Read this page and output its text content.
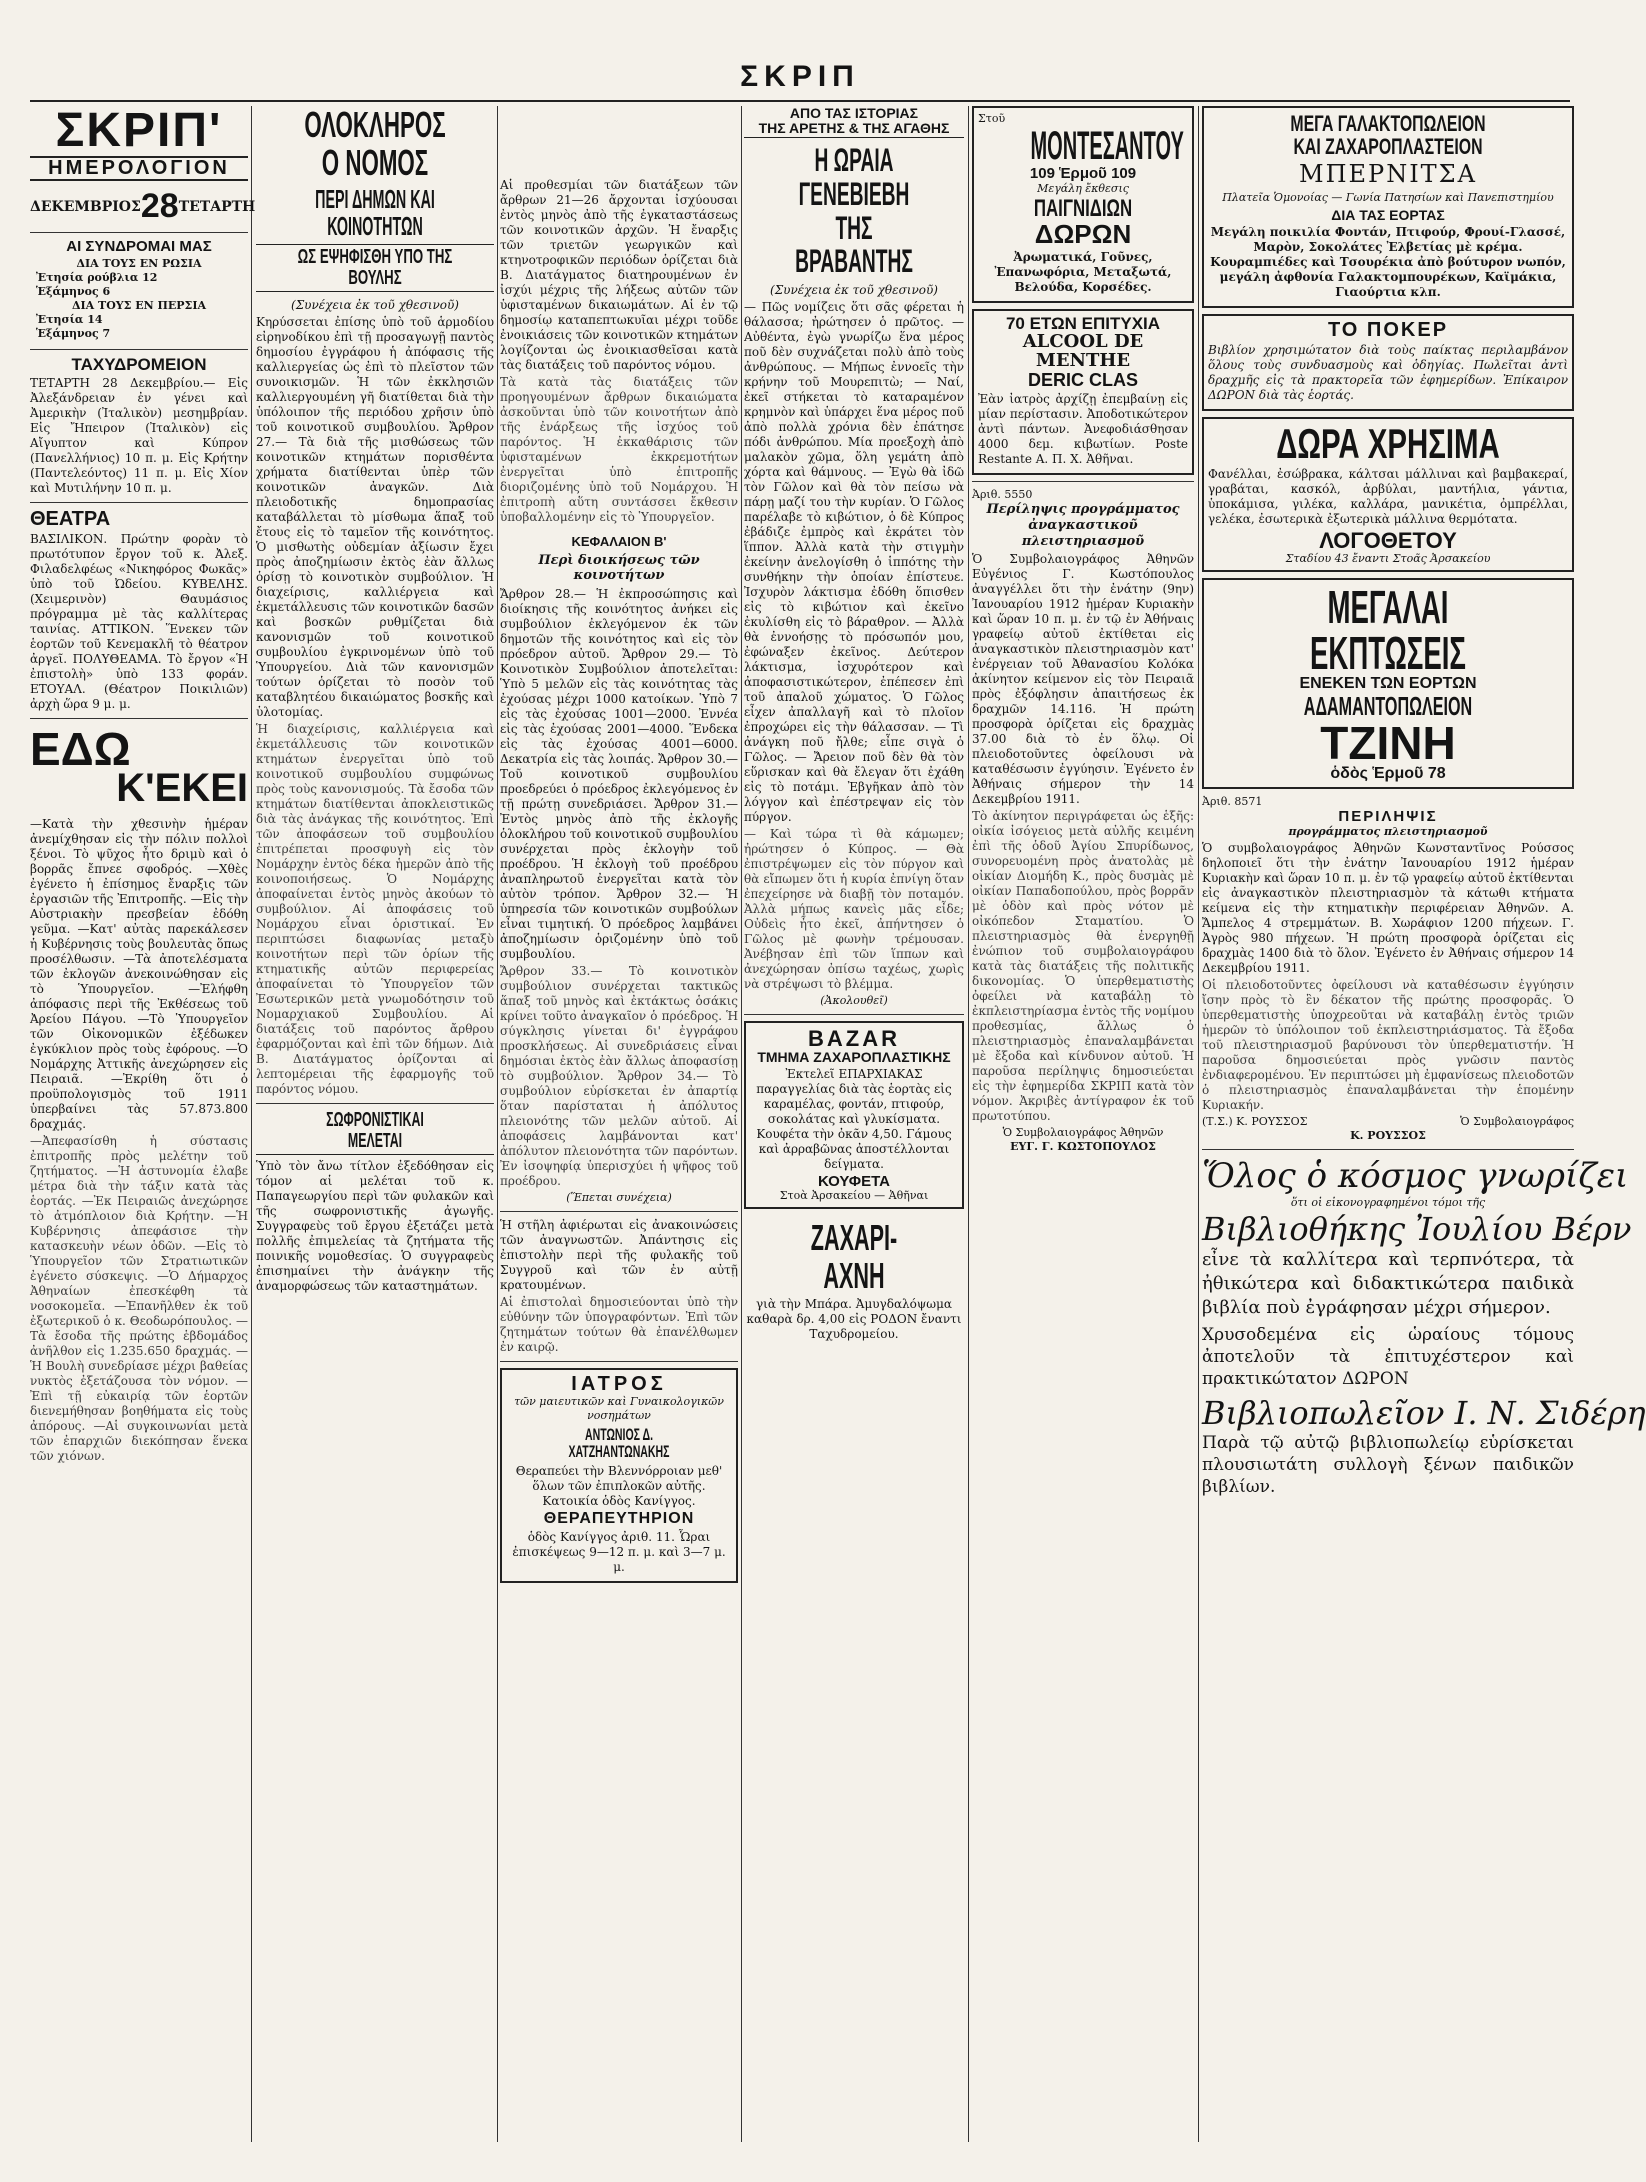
ΣΚΡΙΠ
ΣΚΡΙΠ'
ΗΜΕΡΟΛΟΓΙΟΝ
ΔΕΚΕΜΒΡΙΟΣ 28 ΤΕΤΑΡΤΗ
ΑΙ ΣΥΝΔΡΟΜΑΙ ΜΑΣ
ΔΙΑ ΤΟΥΣ ΕΝ ΡΩΣΙΑ
Ἐτησία ρούβλια 12
Ἑξάμηνος 6
ΔΙΑ ΤΟΥΣ ΕΝ ΠΕΡΣΙΑ
Ἐτησία 14
Ἑξάμηνος 7
ΤΑΧΥΔΡΟΜΕΙΟΝ
ΤΕΤΑΡΤΗ 28 Δεκεμβρίου.— Εἰς Ἀλεξάνδρειαν ἐν γένει καὶ Ἀμερικὴν (Ἰταλικὸν) μεσημβρίαν. Εἰς Ἤπειρον (Ἰταλικὸν) εἰς Αἴγυπτον καὶ Κύπρον (Πανελλήνιος) 10 π. μ. Εἰς Κρήτην (Παντελεόντος) 11 π. μ. Εἰς Χίον καὶ Μυτιλήνην 10 π. μ.
ΘΕΑΤΡΑ
ΒΑΣΙΛΙΚΟΝ. Πρώτην φορὰν τὸ πρωτότυπον ἔργον τοῦ κ. Ἀλεξ. Φιλαδελφέως «Νικηφόρος Φωκᾶς» ὑπὸ τοῦ Ὠδείου. ΚΥΒΕΛΗΣ. (Χειμερινὸν) Θαυμάσιος πρόγραμμα μὲ τὰς καλλίτερας ταινίας. ΑΤΤΙΚΟΝ. Ἕνεκεν τῶν ἑορτῶν τοῦ Κενεμακλῆ τὸ θέατρον ἀργεῖ. ΠΟΛΥΘΕΑΜΑ. Τὸ ἔργον «Ἡ ἐπιστολὴ» ὑπὸ 133 φοράν. ΕΤΟΥΑΛ. (Θέατρον Ποικιλιῶν) ἀρχὴ ὥρα 9 μ. μ.
ΕΔΩ
Κ'ΕΚΕΙ
—Κατὰ τὴν χθεσινὴν ἡμέραν ἀνεμίχθησαν εἰς τὴν πόλιν πολλοὶ ξένοι. Τὸ ψῦχος ἦτο δριμὺ καὶ ὁ βορρᾶς ἔπνεε σφοδρός. —Χθὲς ἐγένετο ἡ ἐπίσημος ἔναρξις τῶν ἐργασιῶν τῆς Ἐπιτροπῆς. —Εἰς τὴν Αὐστριακὴν πρεσβείαν ἐδόθη γεῦμα. —Κατ' αὐτὰς παρεκάλεσεν ἡ Κυβέρνησις τοὺς βουλευτὰς ὅπως προσέλθωσιν. —Τὰ ἀποτελέσματα τῶν ἐκλογῶν ἀνεκοινώθησαν εἰς τὸ Ὑπουργεῖον. —Ἐλήφθη ἀπόφασις περὶ τῆς Ἐκθέσεως τοῦ Ἀρείου Πάγου. —Τὸ Ὑπουργεῖον τῶν Οἰκονομικῶν ἐξέδωκεν ἐγκύκλιον πρὸς τοὺς ἐφόρους. —Ὁ Νομάρχης Ἀττικῆς ἀνεχώρησεν εἰς Πειραιᾶ. —Ἐκρίθη ὅτι ὁ προϋπολογισμὸς τοῦ 1911 ὑπερβαίνει τὰς 57.873.800 δραχμάς.
—Ἀπεφασίσθη ἡ σύστασις ἐπιτροπῆς πρὸς μελέτην τοῦ ζητήματος. —Ἡ ἀστυνομία ἐλαβε μέτρα διὰ τὴν τάξιν κατὰ τὰς ἑορτάς. —Ἐκ Πειραιῶς ἀνεχώρησε τὸ ἀτμόπλοιον διὰ Κρήτην. —Ἡ Κυβέρνησις ἀπεφάσισε τὴν κατασκευὴν νέων ὁδῶν. —Εἰς τὸ Ὑπουργεῖον τῶν Στρατιωτικῶν ἐγένετο σύσκεψις. —Ὁ Δήμαρχος Ἀθηναίων ἐπεσκέφθη τὰ νοσοκομεῖα. —Ἐπανῆλθεν ἐκ τοῦ ἐξωτερικοῦ ὁ κ. Θεοδωρόπουλος. —Τὰ ἔσοδα τῆς πρώτης ἑβδομάδος ἀνῆλθον εἰς 1.235.650 δραχμάς. —Ἡ Βουλὴ συνεδρίασε μέχρι βαθείας νυκτὸς ἐξετάζουσα τὸν νόμον. —Ἐπὶ τῇ εὐκαιρίᾳ τῶν ἑορτῶν διενεμήθησαν βοηθήματα εἰς τοὺς ἀπόρους. —Αἱ συγκοινωνίαι μετὰ τῶν ἐπαρχιῶν διεκόπησαν ἕνεκα τῶν χιόνων.
ΟΛΟΚΛΗΡΟΣ Ο ΝΟΜΟΣ
ΠΕΡΙ ΔΗΜΩΝ ΚΑΙ ΚΟΙΝΟΤΗΤΩΝ
ΩΣ ΕΨΗΦΙΣΘΗ ΥΠΟ ΤΗΣ ΒΟΥΛΗΣ
(Συνέχεια ἐκ τοῦ χθεσινοῦ)
Κηρύσσεται ἐπίσης ὑπὸ τοῦ ἁρμοδίου εἰρηνοδίκου ἐπὶ τῇ προσαγωγῇ παντὸς δημοσίου ἐγγράφου ἡ ἀπόφασις τῆς καλλιεργείας ὡς ἐπὶ τὸ πλεῖστον τῶν συνοικισμῶν. Ἡ τῶν ἐκκλησιῶν καλλιεργουμένη γῆ διατίθεται διὰ τὴν ὑπόλοιπον τῆς περιόδου χρῆσιν ὑπὸ τοῦ κοινοτικοῦ συμβουλίου. Ἄρθρον 27.— Τὰ διὰ τῆς μισθώσεως τῶν κοινοτικῶν κτημάτων πορισθέντα χρήματα διατίθενται ὑπὲρ τῶν κοινοτικῶν ἀναγκῶν. Διὰ πλειοδοτικῆς δημοπρασίας καταβάλλεται τὸ μίσθωμα ἅπαξ τοῦ ἔτους εἰς τὸ ταμεῖον τῆς κοινότητος. Ὁ μισθωτὴς οὐδεμίαν ἀξίωσιν ἔχει πρὸς ἀποζημίωσιν ἐκτὸς ἐὰν ἄλλως ὁρίσῃ τὸ κοινοτικὸν συμβούλιον. Ἡ διαχείρισις, καλλιέργεια καὶ ἐκμετάλλευσις τῶν κοινοτικῶν δασῶν καὶ βοσκῶν ρυθμίζεται διὰ κανονισμῶν τοῦ κοινοτικοῦ συμβουλίου ἐγκρινομένων ὑπὸ τοῦ Ὑπουργείου. Διὰ τῶν κανονισμῶν τούτων ὁρίζεται τὸ ποσὸν τοῦ καταβλητέου δικαιώματος βοσκῆς καὶ ὑλοτομίας.
Ἡ διαχείρισις, καλλιέργεια καὶ ἐκμετάλλευσις τῶν κοινοτικῶν κτημάτων ἐνεργεῖται ὑπὸ τοῦ κοινοτικοῦ συμβουλίου συμφώνως πρὸς τοὺς κανονισμούς. Τὰ ἔσοδα τῶν κτημάτων διατίθενται ἀποκλειστικῶς διὰ τὰς ἀνάγκας τῆς κοινότητος. Ἐπὶ τῶν ἀποφάσεων τοῦ συμβουλίου ἐπιτρέπεται προσφυγὴ εἰς τὸν Νομάρχην ἐντὸς δέκα ἡμερῶν ἀπὸ τῆς κοινοποιήσεως. Ὁ Νομάρχης ἀποφαίνεται ἐντὸς μηνὸς ἀκούων τὸ συμβούλιον. Αἱ ἀποφάσεις τοῦ Νομάρχου εἶναι ὁριστικαί. Ἐν περιπτώσει διαφωνίας μεταξὺ κοινοτήτων περὶ τῶν ὁρίων τῆς κτηματικῆς αὐτῶν περιφερείας ἀποφαίνεται τὸ Ὑπουργεῖον τῶν Ἐσωτερικῶν μετὰ γνωμοδότησιν τοῦ Νομαρχιακοῦ Συμβουλίου. Αἱ διατάξεις τοῦ παρόντος ἄρθρου ἐφαρμόζονται καὶ ἐπὶ τῶν δήμων. Διὰ Β. Διατάγματος ὁρίζονται αἱ λεπτομέρειαι τῆς ἐφαρμογῆς τοῦ παρόντος νόμου.
ΣΩΦΡΟΝΙΣΤΙΚΑΙ ΜΕΛΕΤΑΙ
Ὑπὸ τὸν ἄνω τίτλον ἐξεδόθησαν εἰς τόμον αἱ μελέται τοῦ κ. Παπαγεωργίου περὶ τῶν φυλακῶν καὶ τῆς σωφρονιστικῆς ἀγωγῆς. Συγγραφεὺς τοῦ ἔργου ἐξετάζει μετὰ πολλῆς ἐπιμελείας τὰ ζητήματα τῆς ποινικῆς νομοθεσίας. Ὁ συγγραφεὺς ἐπισημαίνει τὴν ἀνάγκην τῆς ἀναμορφώσεως τῶν καταστημάτων.
Αἱ προθεσμίαι τῶν διατάξεων τῶν ἄρθρων 21—26 ἄρχονται ἰσχύουσαι ἐντὸς μηνὸς ἀπὸ τῆς ἐγκαταστάσεως τῶν κοινοτικῶν ἀρχῶν. Ἡ ἔναρξις τῶν τριετῶν γεωργικῶν καὶ κτηνοτροφικῶν περιόδων ὁρίζεται διὰ Β. Διατάγματος διατηρουμένων ἐν ἰσχύι μέχρις τῆς λήξεως αὐτῶν τῶν ὑφισταμένων δικαιωμάτων. Αἱ ἐν τῷ δημοσίῳ καταπεπτωκυῖαι μέχρι τοῦδε ἐνοικιάσεις τῶν κοινοτικῶν κτημάτων λογίζονται ὡς ἐνοικιασθεῖσαι κατὰ τὰς διατάξεις τοῦ παρόντος νόμου.
Τὰ κατὰ τὰς διατάξεις τῶν προηγουμένων ἄρθρων δικαιώματα ἀσκοῦνται ὑπὸ τῶν κοινοτήτων ἀπὸ τῆς ἐνάρξεως τῆς ἰσχύος τοῦ παρόντος. Ἡ ἐκκαθάρισις τῶν ὑφισταμένων ἐκκρεμοτήτων ἐνεργεῖται ὑπὸ ἐπιτροπῆς διοριζομένης ὑπὸ τοῦ Νομάρχου. Ἡ ἐπιτροπὴ αὕτη συντάσσει ἔκθεσιν ὑποβαλλομένην εἰς τὸ Ὑπουργεῖον.
ΚΕΦΑΛΑΙΟΝ Β'
Περὶ διοικήσεως τῶν κοινοτήτων
Ἄρθρον 28.— Ἡ ἐκπροσώπησις καὶ διοίκησις τῆς κοινότητος ἀνήκει εἰς συμβούλιον ἐκλεγόμενον ἐκ τῶν δημοτῶν τῆς κοινότητος καὶ εἰς τὸν πρόεδρον αὐτοῦ. Ἄρθρον 29.— Τὸ Κοινοτικὸν Συμβούλιον ἀποτελεῖται: Ὑπὸ 5 μελῶν εἰς τὰς κοινότητας τὰς ἐχούσας μέχρι 1000 κατοίκων. Ὑπὸ 7 εἰς τὰς ἐχούσας 1001—2000. Ἐννέα εἰς τὰς ἐχούσας 2001—4000. Ἕνδεκα εἰς τὰς ἐχούσας 4001—6000. Δεκατρία εἰς τὰς λοιπάς. Ἄρθρον 30.— Τοῦ κοινοτικοῦ συμβουλίου προεδρεύει ὁ πρόεδρος ἐκλεγόμενος ἐν τῇ πρώτῃ συνεδριάσει. Ἄρθρον 31.— Ἐντὸς μηνὸς ἀπὸ τῆς ἐκλογῆς ὁλοκλήρου τοῦ κοινοτικοῦ συμβουλίου συνέρχεται πρὸς ἐκλογὴν τοῦ προέδρου. Ἡ ἐκλογὴ τοῦ προέδρου ἀναπληρωτοῦ ἐνεργεῖται κατὰ τὸν αὐτὸν τρόπον. Ἄρθρον 32.— Ἡ ὑπηρεσία τῶν κοινοτικῶν συμβούλων εἶναι τιμητική. Ὁ πρόεδρος λαμβάνει ἀποζημίωσιν ὁριζομένην ὑπὸ τοῦ συμβουλίου.
Ἄρθρον 33.— Τὸ κοινοτικὸν συμβούλιον συνέρχεται τακτικῶς ἅπαξ τοῦ μηνὸς καὶ ἐκτάκτως ὁσάκις κρίνει τοῦτο ἀναγκαῖον ὁ πρόεδρος. Ἡ σύγκλησις γίνεται δι' ἐγγράφου προσκλήσεως. Αἱ συνεδριάσεις εἶναι δημόσιαι ἐκτὸς ἐὰν ἄλλως ἀποφασίσῃ τὸ συμβούλιον. Ἄρθρον 34.— Τὸ συμβούλιον εὑρίσκεται ἐν ἀπαρτίᾳ ὅταν παρίσταται ἡ ἀπόλυτος πλειονότης τῶν μελῶν αὐτοῦ. Αἱ ἀποφάσεις λαμβάνονται κατ' ἀπόλυτον πλειονότητα τῶν παρόντων. Ἐν ἰσοψηφίᾳ ὑπερισχύει ἡ ψῆφος τοῦ προέδρου.
(Ἕπεται συνέχεια)
Ἡ στῆλη ἀφιέρωται εἰς ἀνακοινώσεις τῶν ἀναγνωστῶν. Ἀπάντησις εἰς ἐπιστολὴν περὶ τῆς φυλακῆς τοῦ Συγγροῦ καὶ τῶν ἐν αὐτῇ κρατουμένων.
Αἱ ἐπιστολαὶ δημοσιεύονται ὑπὸ τὴν εὐθύνην τῶν ὑπογραφόντων. Ἐπὶ τῶν ζητημάτων τούτων θὰ ἐπανέλθωμεν ἐν καιρῷ.
ΙΑΤΡΟΣ
τῶν μαιευτικῶν καὶ Γυναικολογικῶν νοσημάτων
ΑΝΤΩΝΙΟΣ Δ. ΧΑΤΖΗΑΝΤΩΝΑΚΗΣ
Θεραπεύει τὴν Βλεννόρροιαν μεθ' ὅλων τῶν ἐπιπλοκῶν αὐτῆς. Κατοικία ὁδὸς Κανίγγος.
ΘΕΡΑΠΕΥΤΗΡΙΟΝ
ὁδὸς Κανίγγος ἀριθ. 11. Ὧραι ἐπισκέψεως 9—12 π. μ. καὶ 3—7 μ. μ.
ΑΠΟ ΤΑΣ ΙΣΤΟΡΙΑΣ
ΤΗΣ ΑΡΕΤΗΣ & ΤΗΣ ΑΓΑΘΗΣ
Η ΩΡΑΙΑ ΓΕΝΕΒΙΕΒΗ
ΤΗΣ ΒΡΑΒΑΝΤΗΣ
(Συνέχεια ἐκ τοῦ χθεσινοῦ)
— Πῶς νομίζεις ὅτι σᾶς φέρεται ἡ θάλασσα; ἠρώτησεν ὁ πρῶτος. — Αὐθέντα, ἐγὼ γνωρίζω ἕνα μέρος ποῦ δὲν συχνάζεται πολὺ ἀπὸ τοὺς ἀνθρώπους. — Μήπως ἐννοεῖς τὴν κρήνην τοῦ Μουρεπιτὼ; — Ναί, ἐκεῖ στήκεται τὸ καταραμένον κρημνὸν καὶ ὑπάρχει ἕνα μέρος ποῦ ἀπὸ πολλὰ χρόνια δὲν ἐπάτησε πόδι ἀνθρώπου. Μία προεξοχὴ ἀπὸ μαλακὸν χῶμα, ὅλη γεμάτη ἀπὸ χόρτα καὶ θάμνους. — Ἐγὼ θὰ ἰδῶ τὸν Γῶλον καὶ θὰ τὸν πείσω νὰ πάρῃ μαζί του τὴν κυρίαν. Ὁ Γῶλος παρέλαβε τὸ κιβώτιον, ὁ δὲ Κύπρος ἐβάδιζε ἐμπρὸς καὶ ἐκράτει τὸν ἵππον. Ἀλλὰ κατὰ τὴν στιγμὴν ἐκείνην ἀνελογίσθη ὁ ἱππότης τὴν συνθήκην τὴν ὁποίαν ἐπίστευε. Ἰσχυρὸν λάκτισμα ἐδόθη ὅπισθεν εἰς τὸ κιβώτιον καὶ ἐκεῖνο ἐκυλίσθη εἰς τὸ βάραθρον. — Ἀλλὰ θὰ ἐννοήσῃς τὸ πρόσωπόν μου, ἐφώναξεν ἐκεῖνος. Δεύτερον λάκτισμα, ἰσχυρότερον καὶ ἀποφασιστικώτερον, ἐπέπεσεν ἐπὶ τοῦ ἀπαλοῦ χώματος. Ὁ Γῶλος εἶχεν ἀπαλλαγῆ καὶ τὸ πλοῖον ἐπροχώρει εἰς τὴν θάλασσαν. — Τὶ ἀνάγκη ποῦ ἤλθε; εἶπε σιγὰ ὁ Γῶλος. — Ἄρειον ποῦ δὲν θὰ τὸν εὕρισκαν καὶ θὰ ἔλεγαν ὅτι ἐχάθη εἰς τὸ ποτάμι. Ἐβγῆκαν ἀπὸ τὸν λόγγον καὶ ἐπέστρεψαν εἰς τὸν πύργον.
— Καὶ τώρα τὶ θὰ κάμωμεν; ἠρώτησεν ὁ Κύπρος. — Θὰ ἐπιστρέψωμεν εἰς τὸν πύργον καὶ θὰ εἴπωμεν ὅτι ἡ κυρία ἐπνίγη ὅταν ἐπεχείρησε νὰ διαβῇ τὸν ποταμόν. Ἀλλὰ μήπως κανεὶς μᾶς εἶδε; Οὐδεὶς ἦτο ἐκεῖ, ἀπήντησεν ὁ Γῶλος μὲ φωνὴν τρέμουσαν. Ἀνέβησαν ἐπὶ τῶν ἵππων καὶ ἀνεχώρησαν ὀπίσω ταχέως, χωρὶς νὰ στρέψωσι τὸ βλέμμα.
(Ἀκολουθεῖ)
BAZAR
ΤΜΗΜΑ ΖΑΧΑΡΟΠΛΑΣΤΙΚΗΣ
Ἐκτελεῖ ΕΠΑΡΧΙΑΚΑΣ παραγγελίας διὰ τὰς ἑορτὰς εἰς καραμέλας, φοντάν, πτιφούρ, σοκολάτας καὶ γλυκίσματα. Κουφέτα τὴν ὀκᾶν 4,50. Γάμους καὶ ἀρραβῶνας ἀποστέλλονται δείγματα.
ΚΟΥΦΕΤΑ
Στοὰ Ἀρσακείου — Ἀθῆναι
ΖΑΧΑΡΙ-ΑΧΝΗ
γιὰ τὴν Μπάρα. Ἀμυγδαλόψωμα καθαρὰ δρ. 4,00 εἰς ΡΟΔΟΝ ἔναντι Ταχυδρομείου.
Στοῦ
ΜΟΝΤΕΣΑΝΤΟΥ
109 Ἑρμοῦ 109
Μεγάλη ἔκθεσις
ΠΑΙΓΝΙΔΙΩΝ
ΔΩΡΩΝ
Ἀρωματικά, Γοῦνες, Ἐπανωφόρια, Μεταξωτά, Βελούδα, Κορσέδες.
70 ΕΤΩΝ ΕΠΙΤΥΧΙΑ
ALCOOL DE MENTHE
DERIC CLAS
Ἐὰν ἰατρὸς ἀρχίζῃ ἐπεμβαίνῃ εἰς μίαν περίστασιν. Ἀποδοτικώτερον ἀντὶ πάντων. Ἀνεφοδιάσθησαν 4000 δεμ. κιβωτίων. Poste Restante Α. Π. Χ. Ἀθῆναι.
Ἀριθ. 5550
Περίληψις προγράμματος ἀναγκαστικοῦ πλειστηριασμοῦ
Ὁ Συμβολαιογράφος Ἀθηνῶν Εὐγένιος Γ. Κωστόπουλος ἀναγγέλλει ὅτι τὴν ἐνάτην (9ην) Ἰανουαρίου 1912 ἡμέραν Κυριακὴν καὶ ὥραν 10 π. μ. ἐν τῷ ἐν Ἀθήναις γραφείῳ αὐτοῦ ἐκτίθεται εἰς ἀναγκαστικὸν πλειστηριασμὸν κατ' ἐνέργειαν τοῦ Ἀθανασίου Κολόκα ἀκίνητον κείμενον εἰς τὸν Πειραιᾶ πρὸς ἐξόφλησιν ἀπαιτήσεως ἐκ δραχμῶν 14.116. Ἡ πρώτη προσφορὰ ὁρίζεται εἰς δραχμὰς 37.00 διὰ τὸ ἐν ὅλῳ. Οἱ πλειοδοτοῦντες ὀφείλουσι νὰ καταθέσωσιν ἐγγύησιν. Ἐγένετο ἐν Ἀθήναις σήμερον τὴν 14 Δεκεμβρίου 1911.
Τὸ ἀκίνητον περιγράφεται ὡς ἑξῆς: οἰκία ἰσόγειος μετὰ αὐλῆς κειμένη ἐπὶ τῆς ὁδοῦ Ἀγίου Σπυρίδωνος, συνορευομένη πρὸς ἀνατολὰς μὲ οἰκίαν Διομήδη Κ., πρὸς δυσμὰς μὲ οἰκίαν Παπαδοπούλου, πρὸς βορρᾶν μὲ ὁδὸν καὶ πρὸς νότον μὲ οἰκόπεδον Σταματίου. Ὁ πλειστηριασμὸς θὰ ἐνεργηθῇ ἐνώπιον τοῦ συμβολαιογράφου κατὰ τὰς διατάξεις τῆς πολιτικῆς δικονομίας. Ὁ ὑπερθεματιστὴς ὀφείλει νὰ καταβάλῃ τὸ ἐκπλειστηρίασμα ἐντὸς τῆς νομίμου προθεσμίας, ἄλλως ὁ πλειστηριασμὸς ἐπαναλαμβάνεται μὲ ἔξοδα καὶ κίνδυνον αὐτοῦ. Ἡ παροῦσα περίληψις δημοσιεύεται εἰς τὴν ἐφημερίδα ΣΚΡΙΠ κατὰ τὸν νόμον. Ἀκριβὲς ἀντίγραφον ἐκ τοῦ πρωτοτύπου.
Ὁ Συμβολαιογράφος Ἀθηνῶν
ΕΥΓ. Γ. ΚΩΣΤΟΠΟΥΛΟΣ
ΜΕΓΑ ΓΑΛΑΚΤΟΠΩΛΕΙΟΝ
ΚΑΙ ΖΑΧΑΡΟΠΛΑΣΤΕΙΟΝ
ΜΠΕΡΝΙΤΣΑ
Πλατεῖα Ὁμονοίας — Γωνία Πατησίων καὶ Πανεπιστημίου
ΔΙΑ ΤΑΣ ΕΟΡΤΑΣ
Μεγάλη ποικιλία Φοντάν, Πτιφούρ, Φρουί-Γλασσέ, Μαρὸν, Σοκολάτες Ἐλβετίας μὲ κρέμα. Κουραμπιέδες καὶ Τσουρέκια ἀπὸ βούτυρον νωπόν, μεγάλη ἀφθονία Γαλακτομπουρέκων, Καϊμάκια, Γιαούρτια κλπ.
ΤΟ ΠΟΚΕΡ
Βιβλίον χρησιμώτατον διὰ τοὺς παίκτας περιλαμβάνον ὅλους τοὺς συνδυασμοὺς καὶ ὁδηγίας. Πωλεῖται ἀντὶ δραχμῆς εἰς τὰ πρακτορεῖα τῶν ἐφημερίδων. Ἐπίκαιρον ΔΩΡΟΝ διὰ τὰς ἑορτάς.
ΔΩΡΑ ΧΡΗΣΙΜΑ
Φανέλλαι, ἐσώβρακα, κάλτσαι μάλλιναι καὶ βαμβακεραί, γραβάται, κασκόλ, ἀρβύλαι, μαντήλια, γάντια, ὑποκάμισα, γιλέκα, καλλάρα, μανικέτια, ὀμπρέλλαι, γελέκα, ἐσωτερικὰ ἐξωτερικὰ μάλλινα θερμότατα.
ΛΟΓΟΘΕΤΟΥ
Σταδίου 43 ἔναντι Στοᾶς Ἀρσακείου
ΜΕΓΑΛΑΙ
ΕΚΠΤΩΣΕΙΣ
ΕΝΕΚΕΝ ΤΩΝ ΕΟΡΤΩΝ
ΑΔΑΜΑΝΤΟΠΩΛΕΙΟΝ
ΤΖΙΝΗ
ὁδὸς Ἑρμοῦ 78
Ἀριθ. 8571
ΠΕΡΙΛΗΨΙΣ
προγράμματος πλειστηριασμοῦ
Ὁ συμβολαιογράφος Ἀθηνῶν Κωνσταντῖνος Ρούσσος δηλοποιεῖ ὅτι τὴν ἐνάτην Ἰανουαρίου 1912 ἡμέραν Κυριακὴν καὶ ὥραν 10 π. μ. ἐν τῷ γραφείῳ αὐτοῦ ἐκτίθενται εἰς ἀναγκαστικὸν πλειστηριασμὸν τὰ κάτωθι κτήματα κείμενα εἰς τὴν κτηματικὴν περιφέρειαν Ἀθηνῶν. Α. Ἄμπελος 4 στρεμμάτων. Β. Χωράφιον 1200 πήχεων. Γ. Ἀγρὸς 980 πήχεων. Ἡ πρώτη προσφορὰ ὁρίζεται εἰς δραχμὰς 1400 διὰ τὸ ὅλον. Ἐγένετο ἐν Ἀθήναις σήμερον 14 Δεκεμβρίου 1911.
Οἱ πλειοδοτοῦντες ὀφείλουσι νὰ καταθέσωσιν ἐγγύησιν ἴσην πρὸς τὸ ἓν δέκατον τῆς πρώτης προσφορᾶς. Ὁ ὑπερθεματιστὴς ὑποχρεοῦται νὰ καταβάλῃ ἐντὸς τριῶν ἡμερῶν τὸ ὑπόλοιπον τοῦ ἐκπλειστηριάσματος. Τὰ ἔξοδα τοῦ πλειστηριασμοῦ βαρύνουσι τὸν ὑπερθεματιστήν. Ἡ παροῦσα δημοσιεύεται πρὸς γνῶσιν παντὸς ἐνδιαφερομένου. Ἐν περιπτώσει μὴ ἐμφανίσεως πλειοδοτῶν ὁ πλειστηριασμὸς ἐπαναλαμβάνεται τὴν ἑπομένην Κυριακήν.
(Τ.Σ.) Κ. ΡΟΥΣΣΟΣ	Ὁ Συμβολαιογράφος
Κ. ΡΟΥΣΣΟΣ
Ὅλος ὁ κόσμος γνωρίζει
ὅτι οἱ εἰκονογραφημένοι τόμοι τῆς
Βιβλιοθήκης Ἰουλίου Βέρν
εἶνε τὰ καλλίτερα καὶ τερπνότερα, τὰ ἠθικώτερα καὶ διδακτικώτερα παιδικὰ βιβλία ποὺ ἐγράφησαν μέχρι σήμερον.
Χρυσοδεμένα εἰς ὡραίους τόμους ἀποτελοῦν τὰ ἐπιτυχέστερον καὶ πρακτικώτατον ΔΩΡΟΝ
Βιβλιοπωλεῖον Ι. Ν. Σιδέρη
Παρὰ τῷ αὐτῷ βιβλιοπωλείῳ εὑρίσκεται πλουσιωτάτη συλλογὴ ξένων παιδικῶν βιβλίων.
